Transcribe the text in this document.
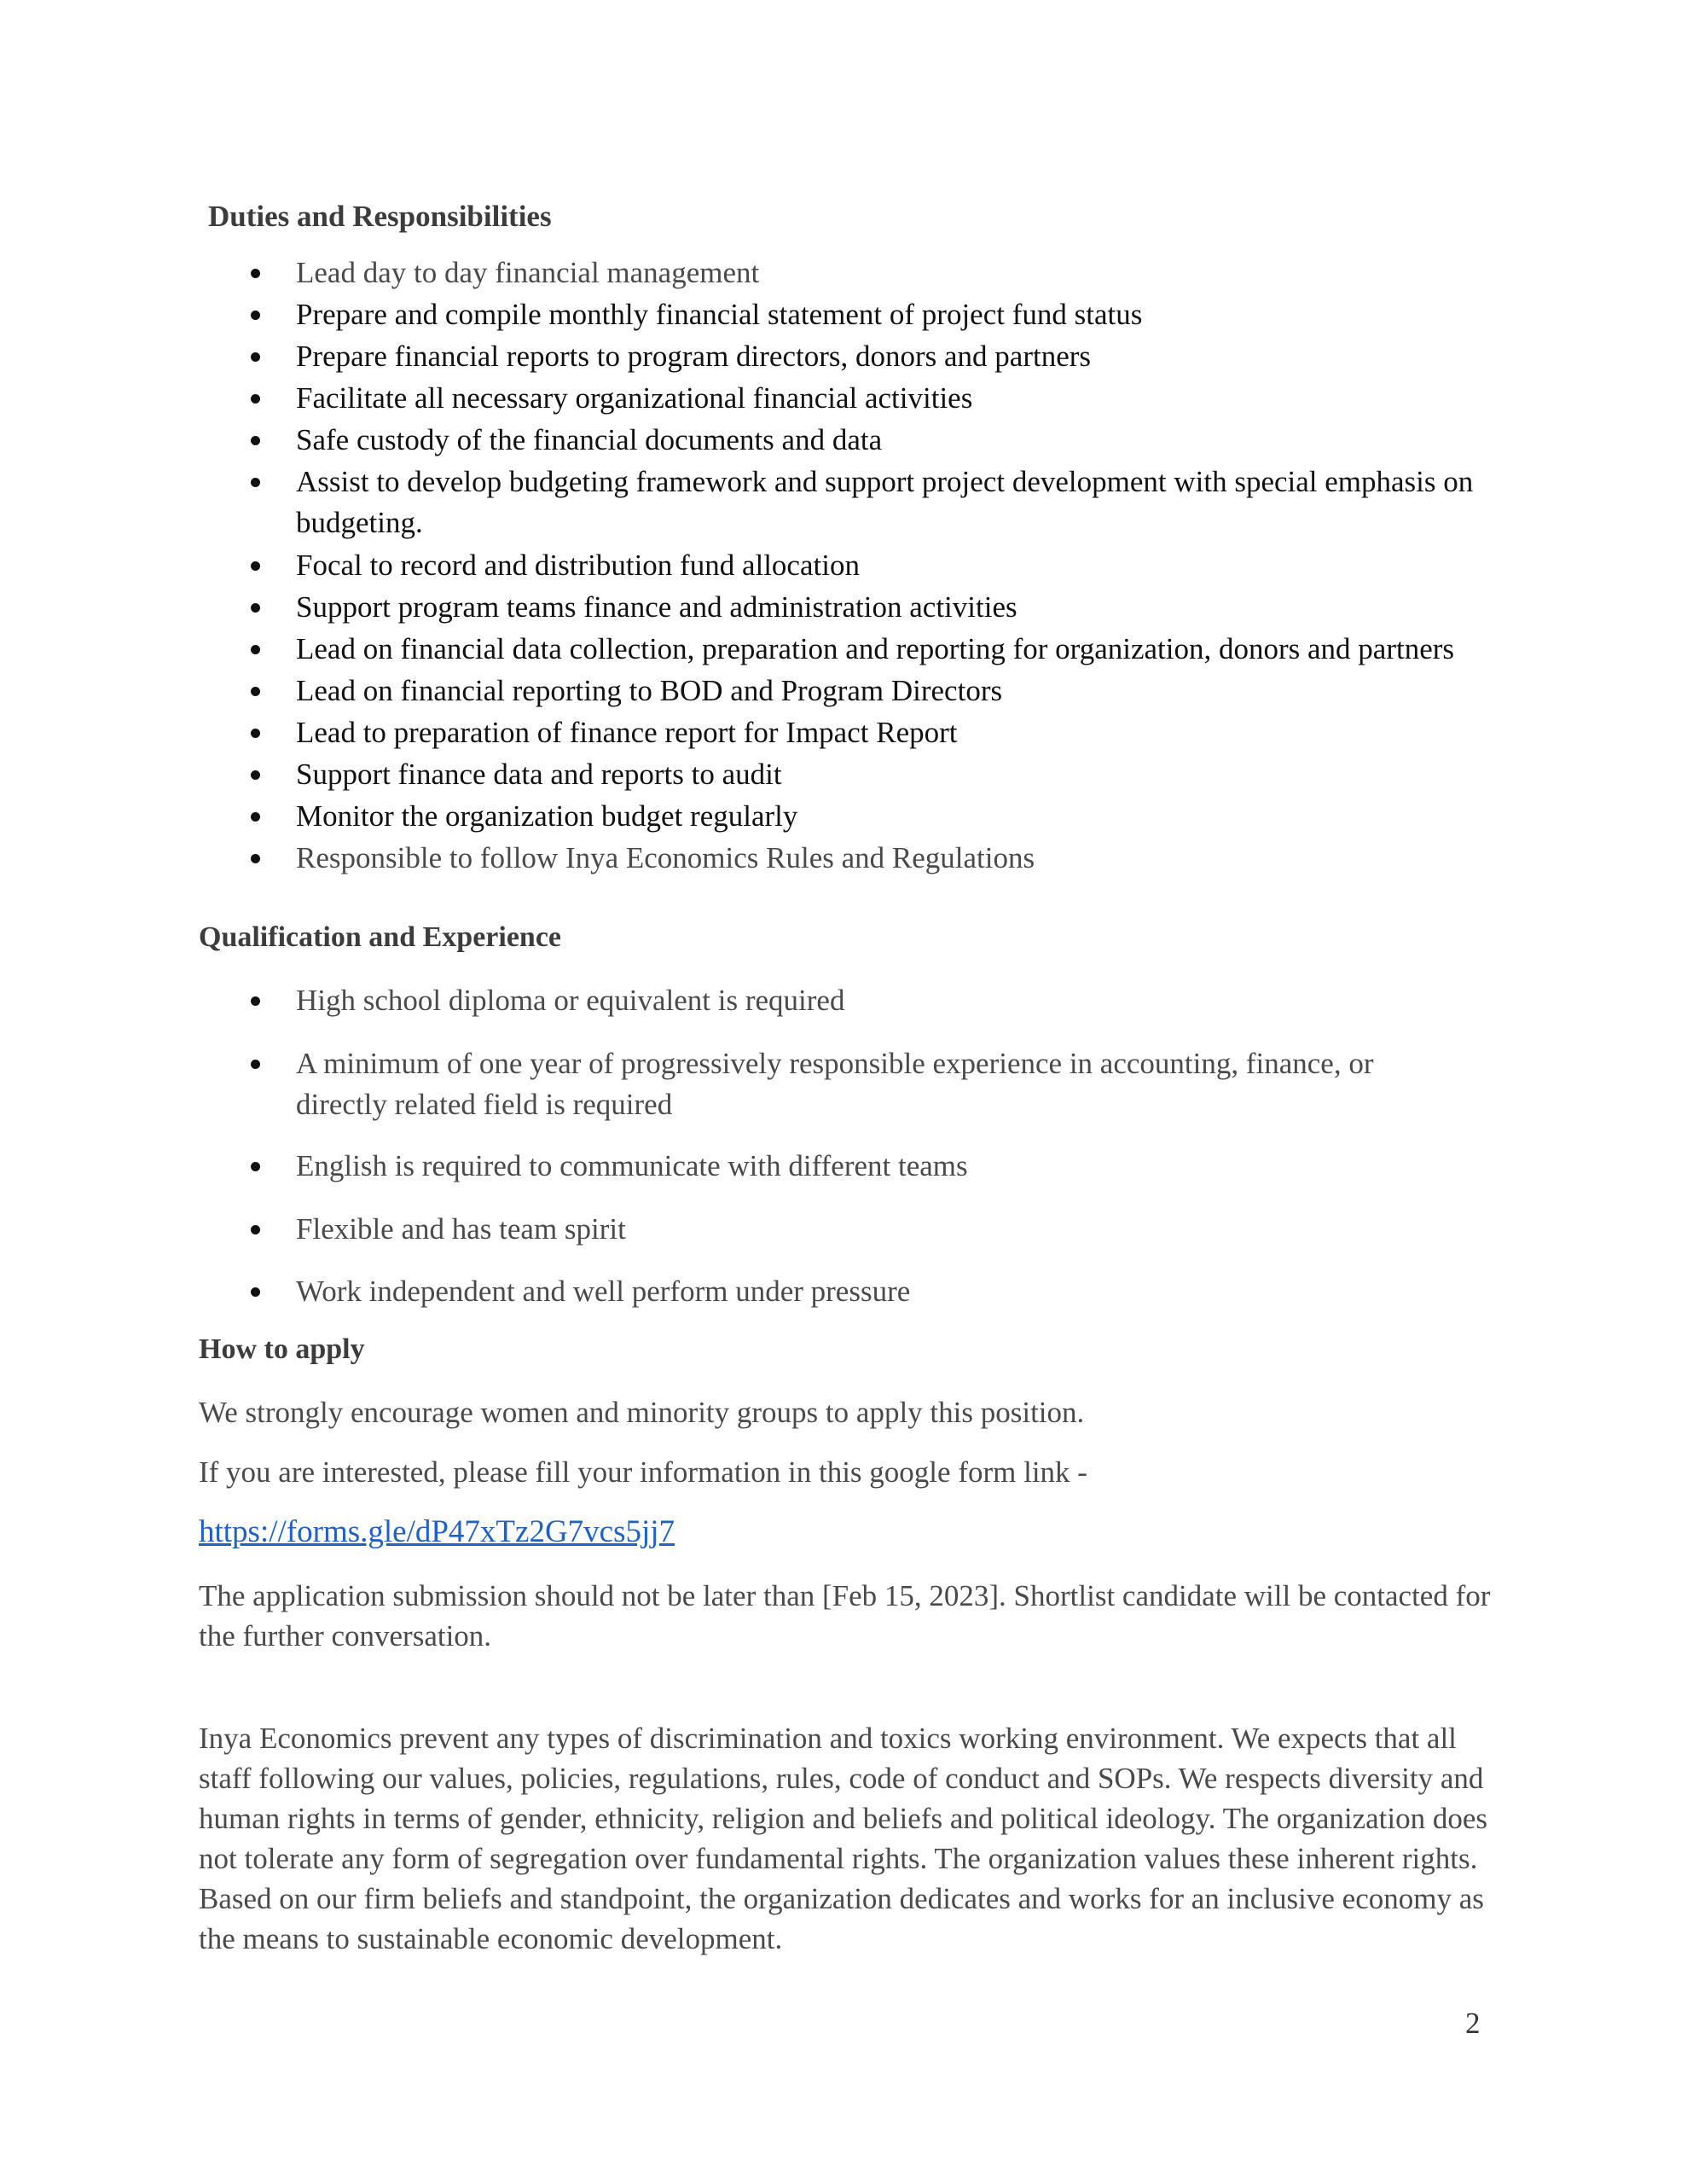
Duties and Responsibilities
Lead day to day financial management
Prepare and compile monthly financial statement of project fund status
Prepare financial reports to program directors, donors and partners
Facilitate all necessary organizational financial activities
Safe custody of the financial documents and data
Assist to develop budgeting framework and support project development with special emphasis on budgeting.
Focal to record and distribution fund allocation
Support program teams finance and administration activities
Lead on financial data collection, preparation and reporting for organization, donors and partners
Lead on financial reporting to BOD and Program Directors
Lead to preparation of finance report for Impact Report
Support finance data and reports to audit
Monitor the organization budget regularly
Responsible to follow Inya Economics Rules and Regulations
Qualification and Experience
High school diploma or equivalent is required
A minimum of one year of progressively responsible experience in accounting, finance, or directly related field is required
English is required to communicate with different teams
Flexible and has team spirit
Work independent and well perform under pressure
How to apply

We strongly encourage women and minority groups to apply this position.

If you are interested, please fill your information in this google form link -

https://forms.gle/dP47xTz2G7vcs5jj7

The application submission should not be later than [Feb 15, 2023]. Shortlist candidate will be contacted for the further conversation.

Inya Economics prevent any types of discrimination and toxics working environment. We expects that all staff following our values, policies, regulations, rules, code of conduct and SOPs. We respects diversity and human rights in terms of gender, ethnicity, religion and beliefs and political ideology. The organization does not tolerate any form of segregation over fundamental rights. The organization values these inherent rights. Based on our firm beliefs and standpoint, the organization dedicates and works for an inclusive economy as the means to sustainable economic development.

2
